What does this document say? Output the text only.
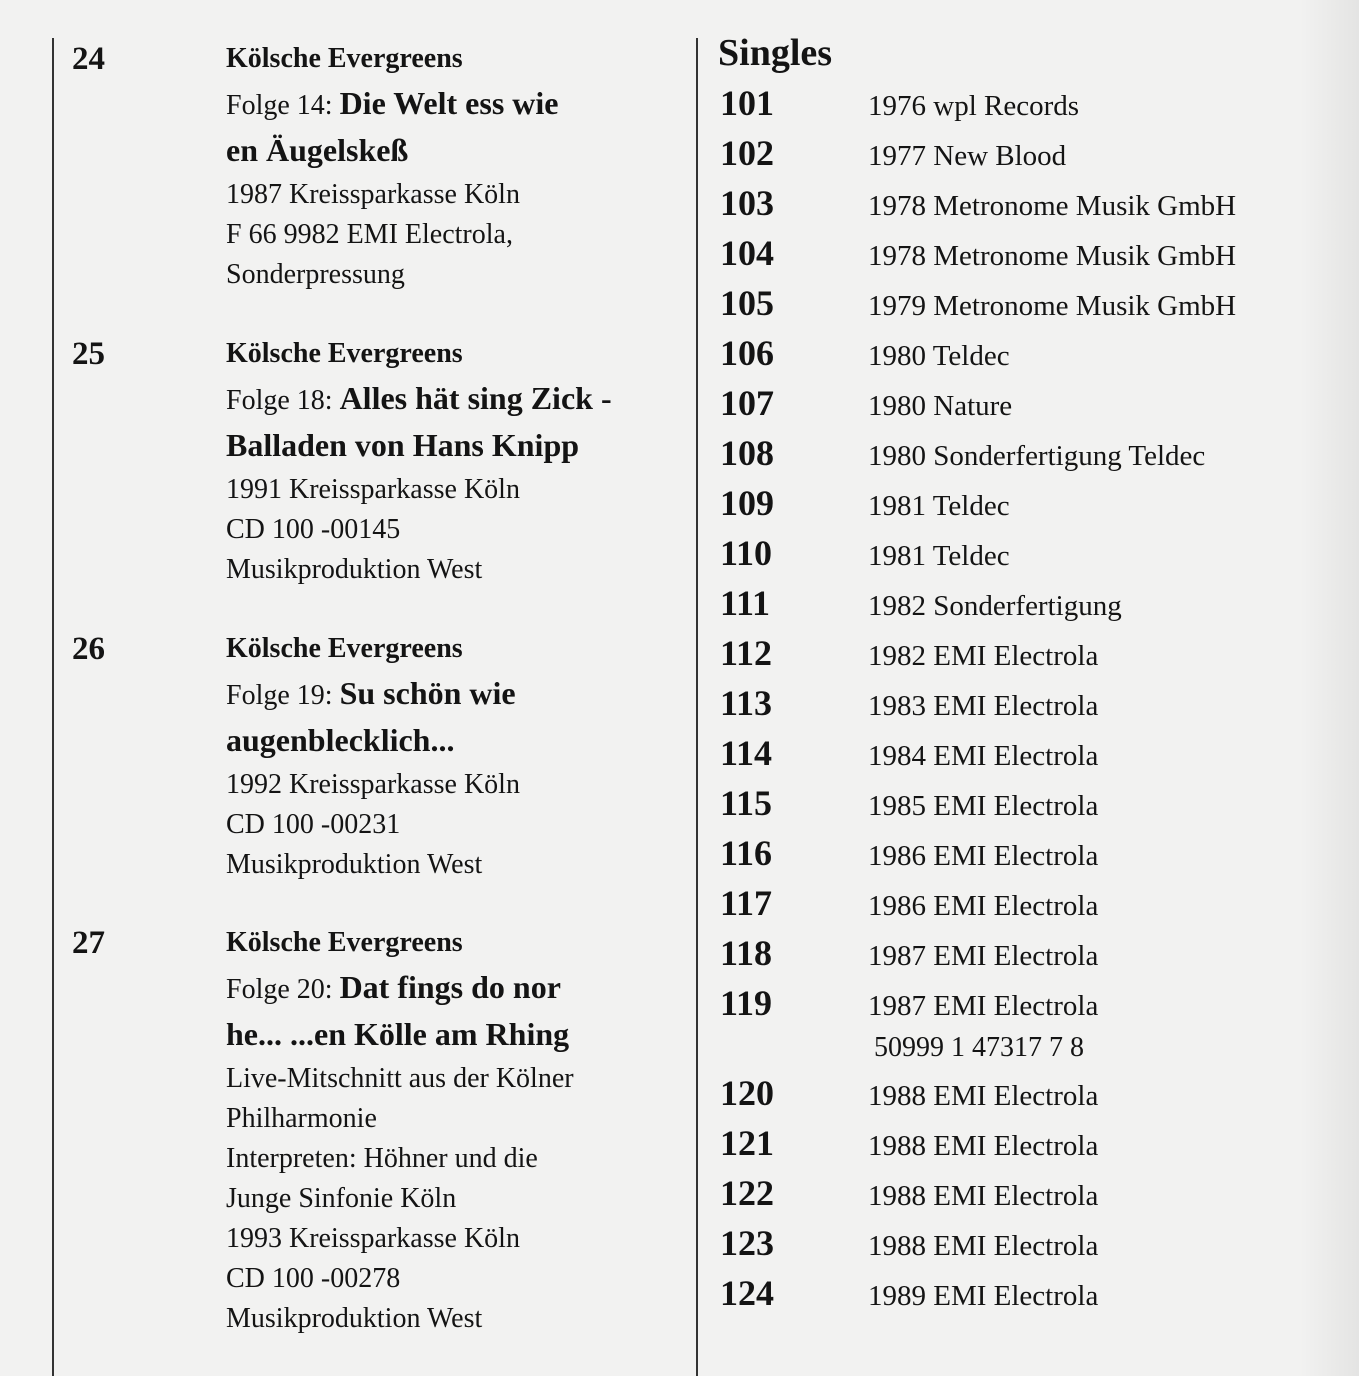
24	Kölsche Evergreens
Folge 14: Die Welt ess wie
en Äugelskeß
1987 Kreissparkasse Köln
F 66 9982 EMI Electrola,
Sonderpressung
25	Kölsche Evergreens
Folge 18: Alles hät sing Zick -
Balladen von Hans Knipp
1991 Kreissparkasse Köln
CD 100 -00145
Musikproduktion West
26	Kölsche Evergreens
Folge 19: Su schön wie
augenblecklich...
1992 Kreissparkasse Köln
CD 100 -00231
Musikproduktion West
27	Kölsche Evergreens
Folge 20: Dat fings do nor
he... ...en Kölle am Rhing
Live-Mitschnitt aus der Kölner
Philharmonie
Interpreten: Höhner und die
Junge Sinfonie Köln
1993 Kreissparkasse Köln
CD 100 -00278
Musikproduktion West
Singles
101	1976 wpl Records
102	1977 New Blood
103	1978 Metronome Musik GmbH
104	1978 Metronome Musik GmbH
105	1979 Metronome Musik GmbH
106	1980 Teldec
107	1980 Nature
108	1980 Sonderfertigung Teldec
109	1981 Teldec
110	1981 Teldec
111	1982 Sonderfertigung
112	1982 EMI Electrola
113	1983 EMI Electrola
114	1984 EMI Electrola
115	1985 EMI Electrola
116	1986 EMI Electrola
117	1986 EMI Electrola
118	1987 EMI Electrola
119	1987 EMI Electrola
50999 1 47317 7 8
120	1988 EMI Electrola
121	1988 EMI Electrola
122	1988 EMI Electrola
123	1988 EMI Electrola
124	1989 EMI Electrola
